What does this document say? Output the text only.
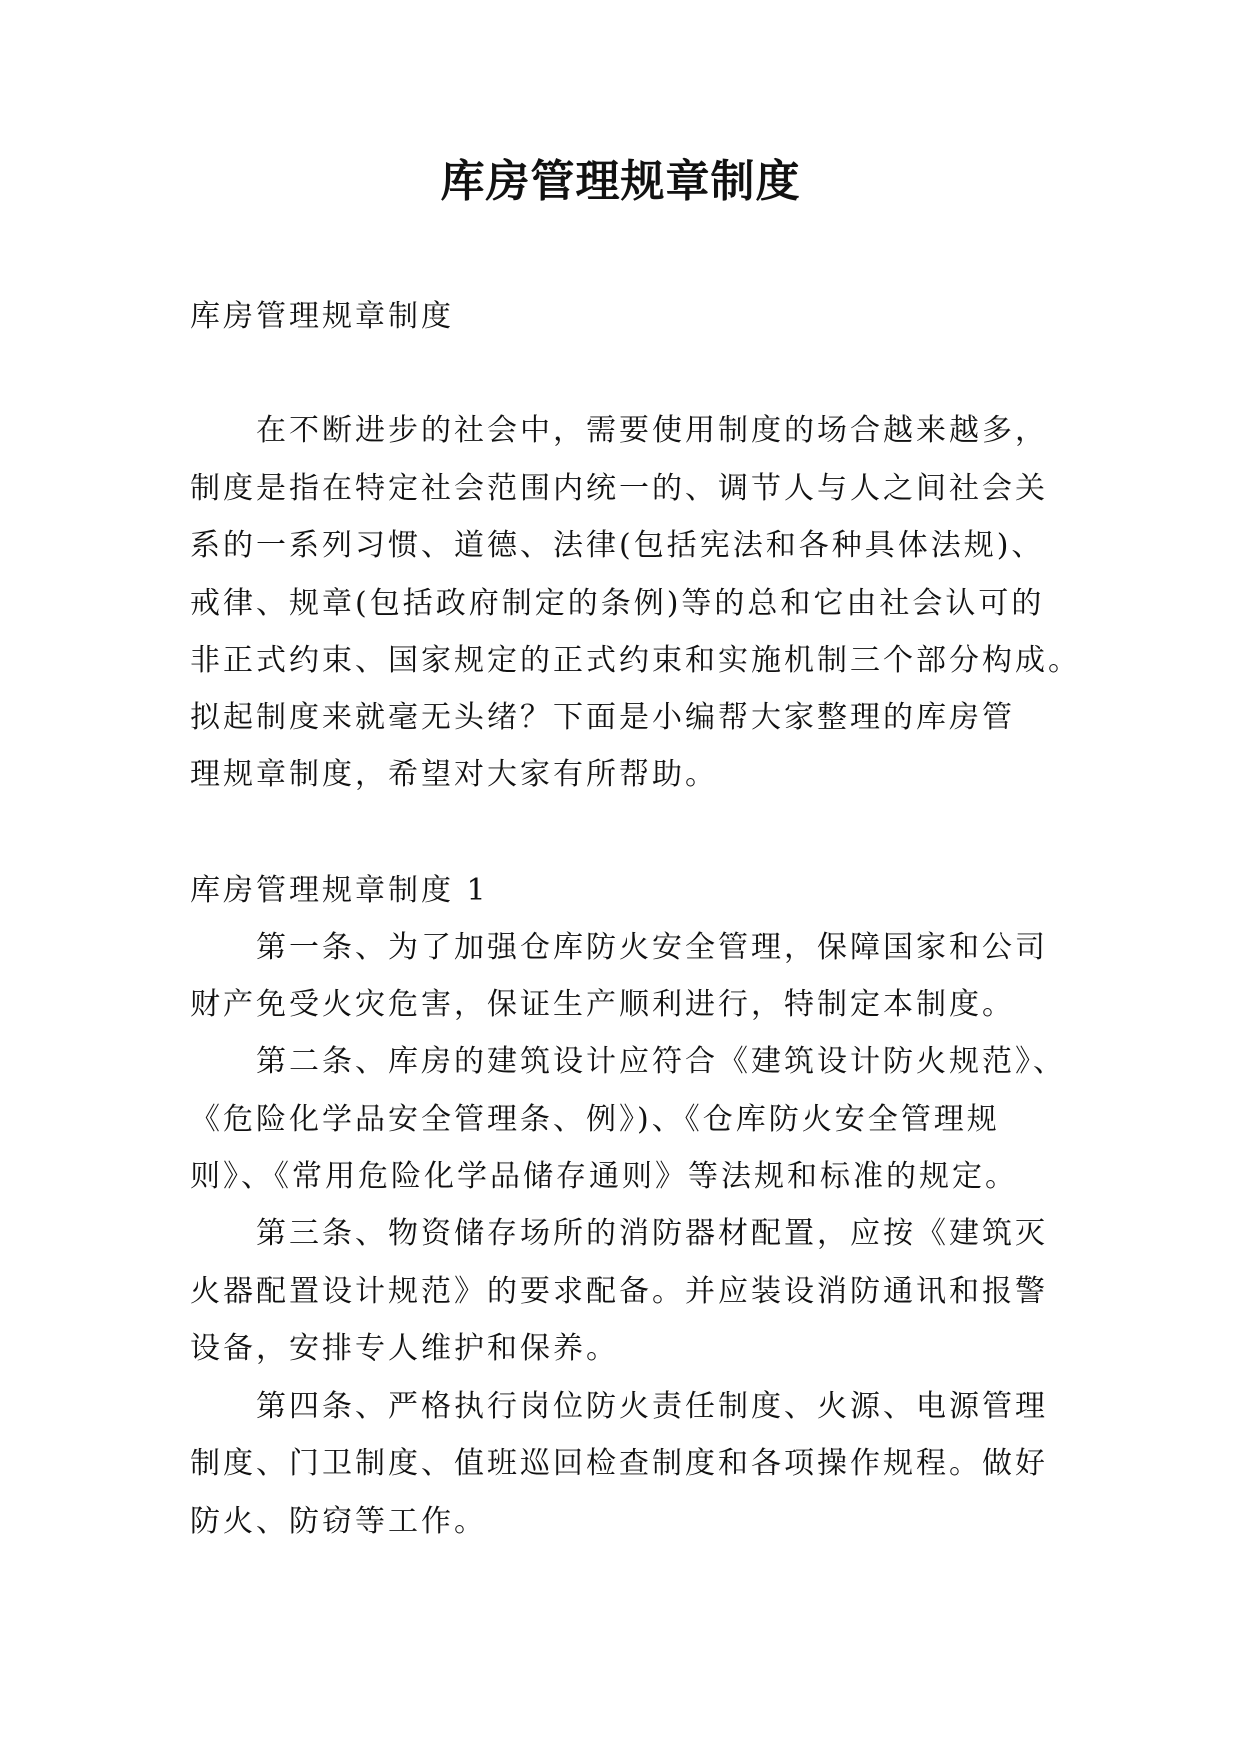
库房管理规章制度

库房管理规章制度

在不断进步的社会中，需要使用制度的场合越来越多，

制度是指在特定社会范围内统一的、调节人与人之间社会关

系的一系列习惯、道德、法律(包括宪法和各种具体法规)、

戒律、规章(包括政府制定的条例)等的总和它由社会认可的

非正式约束、国家规定的正式约束和实施机制三个部分构成。

拟起制度来就毫无头绪？下面是小编帮大家整理的库房管

理规章制度，希望对大家有所帮助。

库房管理规章制度 1

第一条、为了加强仓库防火安全管理，保障国家和公司

财产免受火灾危害，保证生产顺利进行，特制定本制度。

第二条、库房的建筑设计应符合《建筑设计防火规范》、

《危险化学品安全管理条、例》)、《仓库防火安全管理规

则》、《常用危险化学品储存通则》等法规和标准的规定。

第三条、物资储存场所的消防器材配置，应按《建筑灭

火器配置设计规范》的要求配备。并应装设消防通讯和报警

设备，安排专人维护和保养。

第四条、严格执行岗位防火责任制度、火源、电源管理

制度、门卫制度、值班巡回检查制度和各项操作规程。做好

防火、防窃等工作。
